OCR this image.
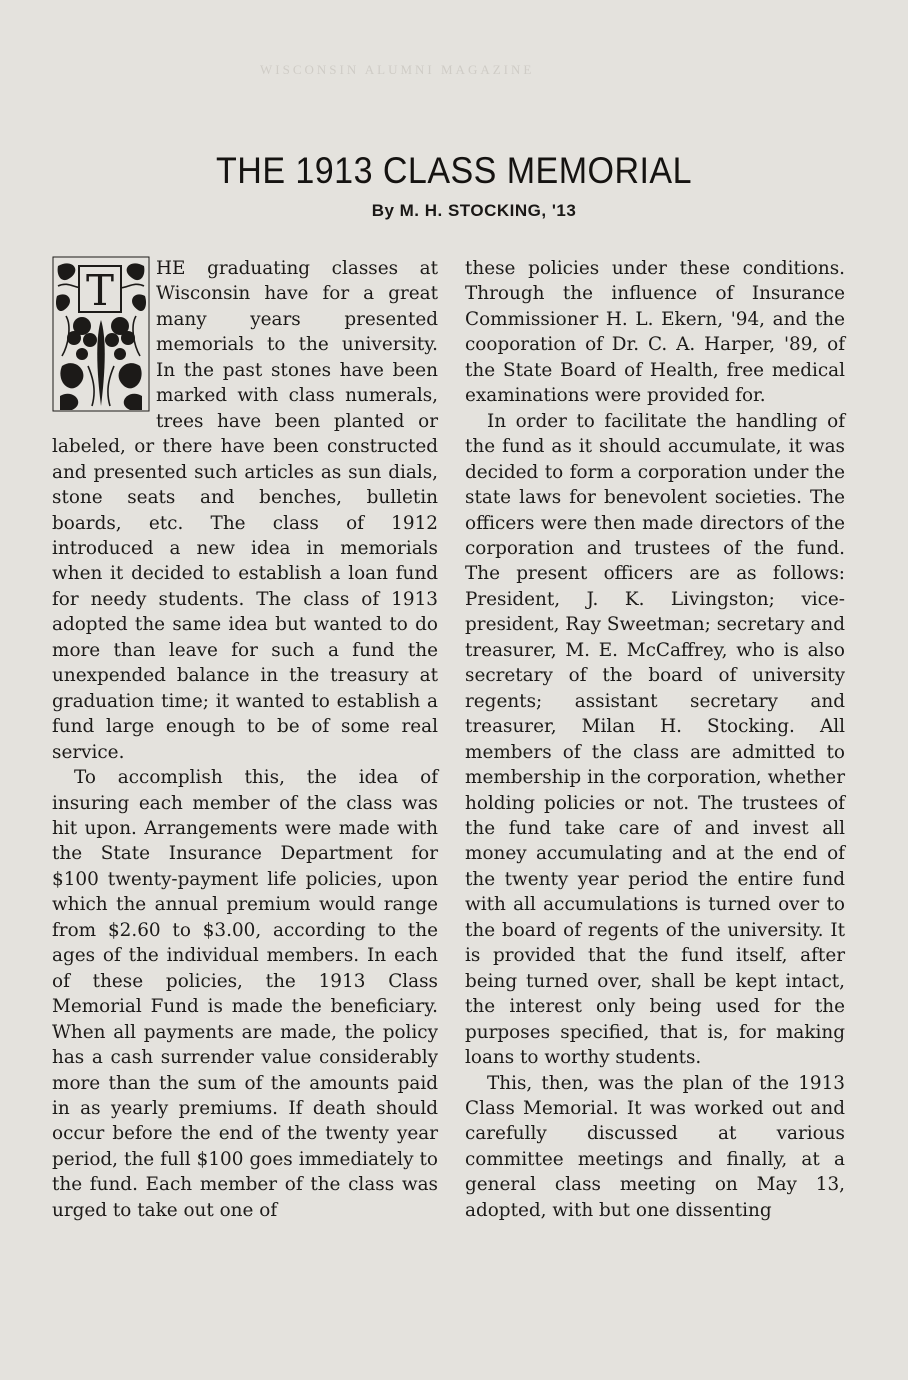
WISCONSIN ALUMNI MAGAZINE
THE 1913 CLASS MEMORIAL
By M. H. STOCKING, '13

T HE graduating classes at Wisconsin have for a great many years presented memorials to the university. In the past stones have been marked with class numerals, trees have been planted or labeled, or there have been constructed and presented such articles as sun dials, stone seats and benches, bulletin boards, etc. The class of 1912 introduced a new idea in memorials when it decided to establish a loan fund for needy students. The class of 1913 adopted the same idea but wanted to do more than leave for such a fund the unexpended balance in the treasury at graduation time; it wanted to establish a fund large enough to be of some real service.

To accomplish this, the idea of insuring each member of the class was hit upon. Arrangements were made with the State Insurance Department for $100 twenty-payment life policies, upon which the annual premium would range from $2.60 to $3.00, according to the ages of the individual members. In each of these policies, the 1913 Class Memorial Fund is made the beneficiary. When all payments are made, the policy has a cash surrender value considerably more than the sum of the amounts paid in as yearly premiums. If death should occur before the end of the twenty year period, the full $100 goes immediately to the fund. Each member of the class was urged to take out one of

these policies under these conditions. Through the influence of Insurance Commissioner H. L. Ekern, '94, and the cooporation of Dr. C. A. Harper, '89, of the State Board of Health, free medical examinations were provided for.

In order to facilitate the handling of the fund as it should accumulate, it was decided to form a corporation under the state laws for benevolent societies. The officers were then made directors of the corporation and trustees of the fund. The present officers are as follows: President, J. K. Livingston; vice-president, Ray Sweetman; secretary and treasurer, M. E. McCaffrey, who is also secretary of the board of university regents; assistant secretary and treasurer, Milan H. Stocking. All members of the class are admitted to membership in the corporation, whether holding policies or not. The trustees of the fund take care of and invest all money accumulating and at the end of the twenty year period the entire fund with all accumulations is turned over to the board of regents of the university. It is provided that the fund itself, after being turned over, shall be kept intact, the interest only being used for the purposes specified, that is, for making loans to worthy students.

This, then, was the plan of the 1913 Class Memorial. It was worked out and carefully discussed at various committee meetings and finally, at a general class meeting on May 13, adopted, with but one dissenting
